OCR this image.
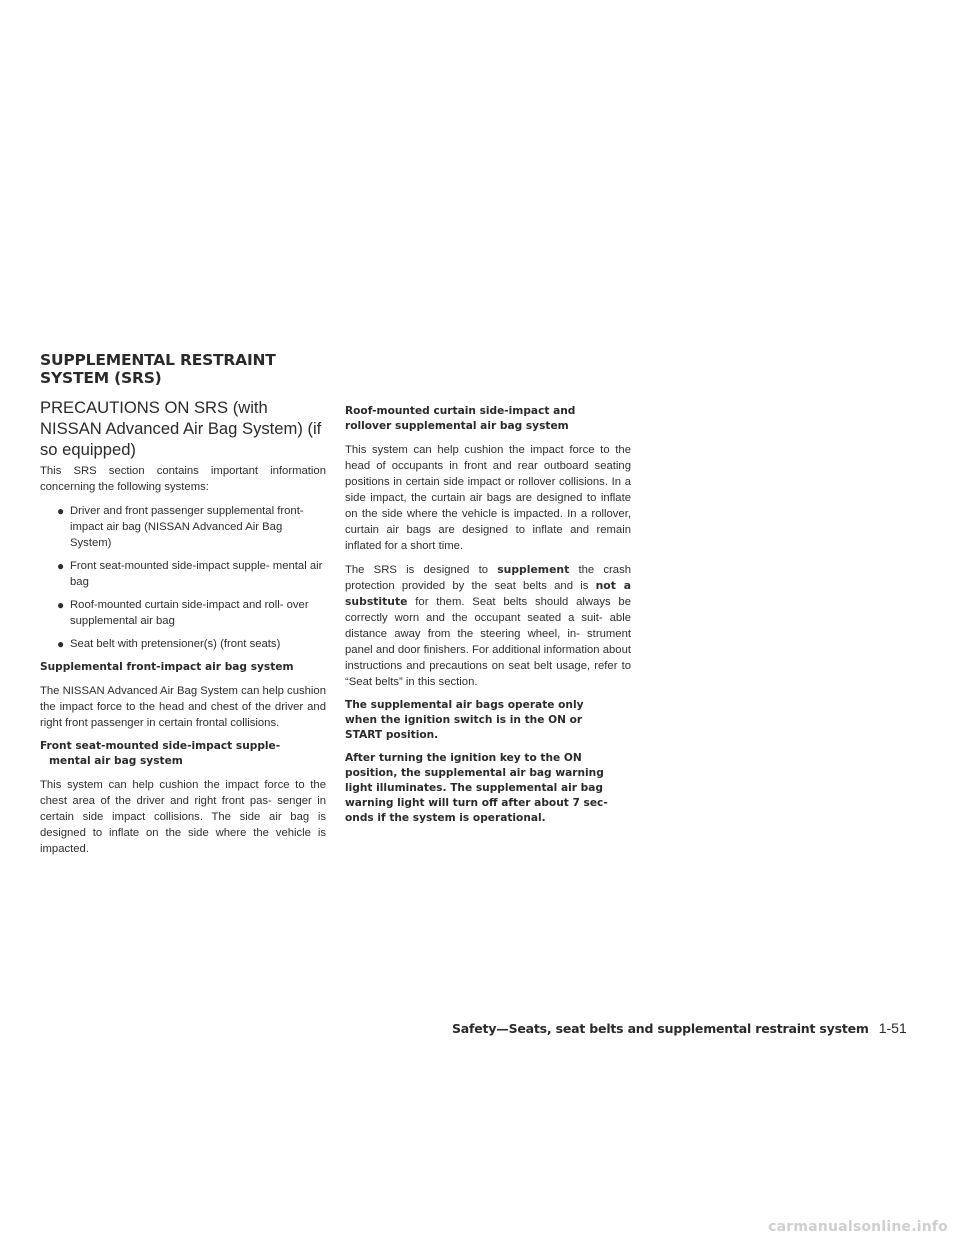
SUPPLEMENTAL RESTRAINT
SYSTEM (SRS)
PRECAUTIONS ON SRS (with
NISSAN Advanced Air Bag System) (if
so equipped)

This SRS section contains important information concerning the following systems:

● Driver and front passenger supplemental front-impact air bag (NISSAN Advanced Air Bag System)
● Front seat-mounted side-impact supple- mental air bag
● Roof-mounted curtain side-impact and roll- over supplemental air bag
● Seat belt with pretensioner(s) (front seats)
Supplemental front-impact air bag system

The NISSAN Advanced Air Bag System can help cushion the impact force to the head and chest of the driver and right front passenger in certain frontal collisions.

Front seat-mounted side-impact supple-
mental air bag system

This system can help cushion the impact force to the chest area of the driver and right front pas- senger in certain side impact collisions. The side air bag is designed to inflate on the side where the vehicle is impacted.

Roof-mounted curtain side-impact and
rollover supplemental air bag system

This system can help cushion the impact force to the head of occupants in front and rear outboard seating positions in certain side impact or rollover collisions. In a side impact, the curtain air bags are designed to inflate on the side where the vehicle is impacted. In a rollover, curtain air bags are designed to inflate and remain inflated for a short time.

The SRS is designed to supplement the crash protection provided by the seat belts and is not a substitute for them. Seat belts should always be correctly worn and the occupant seated a suit- able distance away from the steering wheel, in- strument panel and door finishers. For additional information about instructions and precautions on seat belt usage, refer to “Seat belts” in this section.

The supplemental air bags operate only
when the ignition switch is in the ON or
START position.
After turning the ignition key to the ON
position, the supplemental air bag warning
light illuminates. The supplemental air bag
warning light will turn off after about 7 sec-
onds if the system is operational.
Safety—Seats, seat belts and supplemental restraint system 1-51
carmanualsonline.info
